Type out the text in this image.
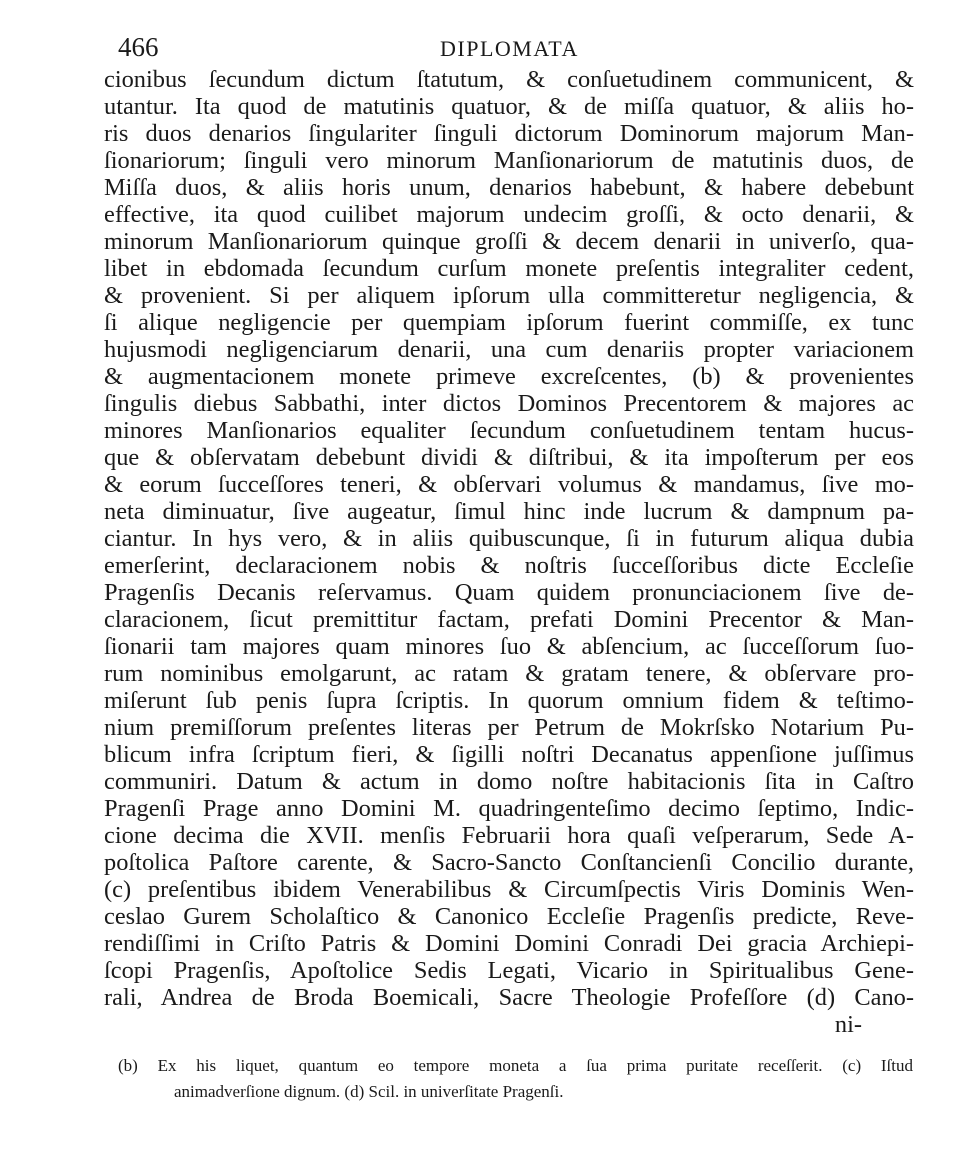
466	DIPLOMATA
cionibus ſecundum dictum ſtatutum, & conſuetudinem communicent, &
utantur. Ita quod de matutinis quatuor, & de miſſa quatuor, & aliis ho-
ris duos denarios ſingulariter ſinguli dictorum Dominorum majorum Man-
ſionariorum; ſinguli vero minorum Manſionariorum de matutinis duos, de
Miſſa duos, & aliis horis unum, denarios habebunt, & habere debebunt
effective, ita quod cuilibet majorum undecim groſſi, & octo denarii, &
minorum Manſionariorum quinque groſſi & decem denarii in univerſo, qua-
libet in ebdomada ſecundum curſum monete preſentis integraliter cedent,
& provenient. Si per aliquem ipſorum ulla committeretur negligencia, &
ſi alique negligencie per quempiam ipſorum fuerint commiſſe, ex tunc
hujusmodi negligenciarum denarii, una cum denariis propter variacionem
& augmentacionem monete primeve excreſcentes, (b) & provenientes
ſingulis diebus Sabbathi, inter dictos Dominos Precentorem & majores ac
minores Manſionarios equaliter ſecundum conſuetudinem tentam hucus-
que & obſervatam debebunt dividi & diſtribui, & ita impoſterum per eos
& eorum ſucceſſores teneri, & obſervari volumus & mandamus, ſive mo-
neta diminuatur, ſive augeatur, ſimul hinc inde lucrum & dampnum pa-
ciantur. In hys vero, & in aliis quibuscunque, ſi in futurum aliqua dubia
emerſerint, declaracionem nobis & noſtris ſucceſſoribus dicte Eccleſie
Pragenſis Decanis reſervamus. Quam quidem pronunciacionem ſive de-
claracionem, ſicut premittitur factam, prefati Domini Precentor & Man-
ſionarii tam majores quam minores ſuo & abſencium, ac ſucceſſorum ſuo-
rum nominibus emolgarunt, ac ratam & gratam tenere, & obſervare pro-
miſerunt ſub penis ſupra ſcriptis. In quorum omnium fidem & teſtimo-
nium premiſſorum preſentes literas per Petrum de Mokrſsko Notarium Pu-
blicum infra ſcriptum fieri, & ſigilli noſtri Decanatus appenſione juſſimus
communiri. Datum & actum in domo noſtre habitacionis ſita in Caſtro
Pragenſi Prage anno Domini M. quadringenteſimo decimo ſeptimo, Indic-
cione decima die XVII. menſis Februarii hora quaſi veſperarum, Sede A-
poſtolica Paſtore carente, & Sacro-Sancto Conſtancienſi Concilio durante,
(c) preſentibus ibidem Venerabilibus & Circumſpectis Viris Dominis Wen-
ceslao Gurem Scholaſtico & Canonico Eccleſie Pragenſis predicte, Reve-
rendiſſimi in Criſto Patris & Domini Domini Conradi Dei gracia Archiepi-
ſcopi Pragenſis, Apoſtolice Sedis Legati, Vicario in Spiritualibus Gene-
rali, Andrea de Broda Boemicali, Sacre Theologie Profeſſore (d) Cano-
ni-
(b) Ex his liquet, quantum eo tempore moneta a ſua prima puritate receſſerit. (c) Iſtud
animadverſione dignum. (d) Scil. in univerſitate Pragenſi.
